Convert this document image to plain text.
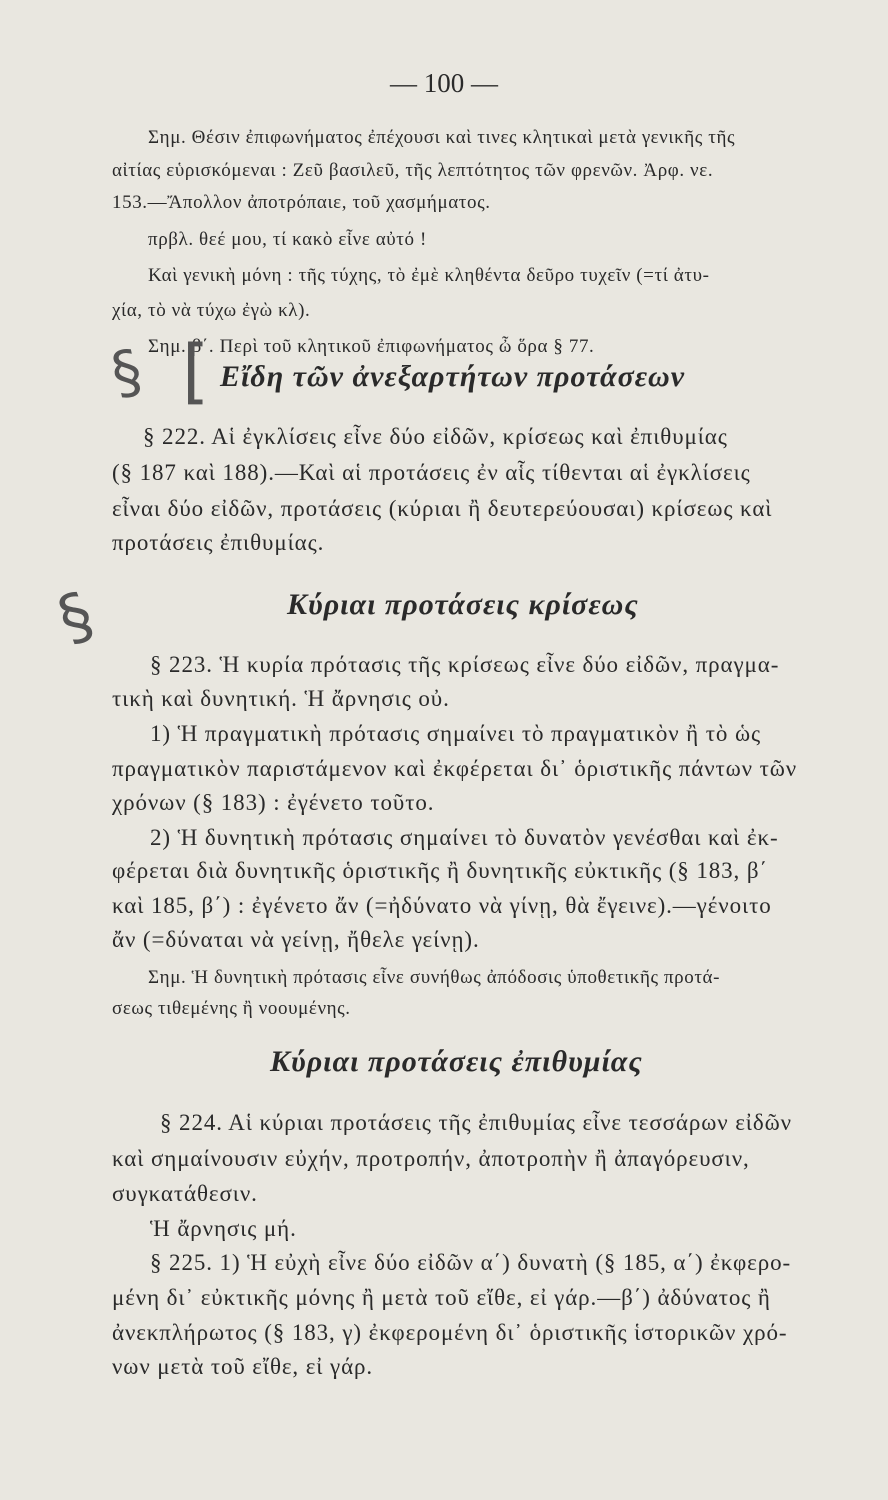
— 100 —
Σημ. Θέσιν ἐπιφωνήματος ἐπέχουσι καὶ τινες κλητικαὶ μετὰ γενικῆς τῆς
αἰτίας εὑρισκόμεναι : Ζεῦ βασιλεῦ, τῆς λεπτότητος τῶν φρενῶν. Ἀρφ. νε.
153.—Ἄπολλον ἀποτρόπαιε, τοῦ χασμήματος.
πρβλ. θεέ μου, τί κακὸ εἶνε αὐτό !
Καὶ γενικὴ μόνη : τῆς τύχης, τὸ ἐμὲ κληθέντα δεῦρο τυχεῖν (=τί ἀτυ-
χία, τὸ νὰ τύχω ἐγὼ κλ).
Σημ. β΄. Περὶ τοῦ κλητικοῦ ἐπιφωνήματος ὦ ὅρα § 77.
§ [ Εἴδη τῶν ἀνεξαρτήτων προτάσεων
§ 222. Αἱ ἐγκλίσεις εἶνε δύο εἰδῶν, κρίσεως καὶ ἐπιθυμίας
(§ 187 καὶ 188).—Καὶ αἱ προτάσεις ἐν αἷς τίθενται αἱ ἐγκλίσεις
εἶναι δύο εἰδῶν, προτάσεις (κύριαι ἢ δευτερεύουσαι) κρίσεως καὶ
προτάσεις ἐπιθυμίας.
§	Κύριαι προτάσεις κρίσεως
§ 223. Ἡ κυρία πρότασις τῆς κρίσεως εἶνε δύο εἰδῶν, πραγμα-
τικὴ καὶ δυνητική. Ἡ ἄρνησις οὐ.
1) Ἡ πραγματικὴ πρότασις σημαίνει τὸ πραγματικὸν ἢ τὸ ὡς
πραγματικὸν παριστάμενον καὶ ἐκφέρεται δι᾽ ὁριστικῆς πάντων τῶν
χρόνων (§ 183) : ἐγένετο τοῦτο.
2) Ἡ δυνητικὴ πρότασις σημαίνει τὸ δυνατὸν γενέσθαι καὶ ἐκ-
φέρεται διὰ δυνητικῆς ὁριστικῆς ἢ δυνητικῆς εὐκτικῆς (§ 183, β΄
καὶ 185, β΄) : ἐγένετο ἄν (=ἠδύνατο νὰ γίνῃ, θὰ ἔγεινε).—γένοιτο
ἄν (=δύναται νὰ γείνῃ, ἤθελε γείνῃ).
Σημ. Ἡ δυνητικὴ πρότασις εἶνε συνήθως ἀπόδοσις ὑποθετικῆς προτά-
σεως τιθεμένης ἢ νοουμένης.
Κύριαι προτάσεις ἐπιθυμίας
§ 224. Αἱ κύριαι προτάσεις τῆς ἐπιθυμίας εἶνε τεσσάρων εἰδῶν
καὶ σημαίνουσιν εὐχήν, προτροπήν, ἀποτροπὴν ἢ ἀπαγόρευσιν,
συγκατάθεσιν.
Ἡ ἄρνησις μή.
§ 225. 1) Ἡ εὐχὴ εἶνε δύο εἰδῶν α΄) δυνατὴ (§ 185, α΄) ἐκφερο-
μένη δι᾽ εὐκτικῆς μόνης ἢ μετὰ τοῦ εἴθε, εἰ γάρ.—β΄) ἀδύνατος ἢ
ἀνεκπλήρωτος (§ 183, γ) ἐκφερομένη δι᾽ ὁριστικῆς ἱστορικῶν χρό-
νων μετὰ τοῦ εἴθε, εἰ γάρ.
